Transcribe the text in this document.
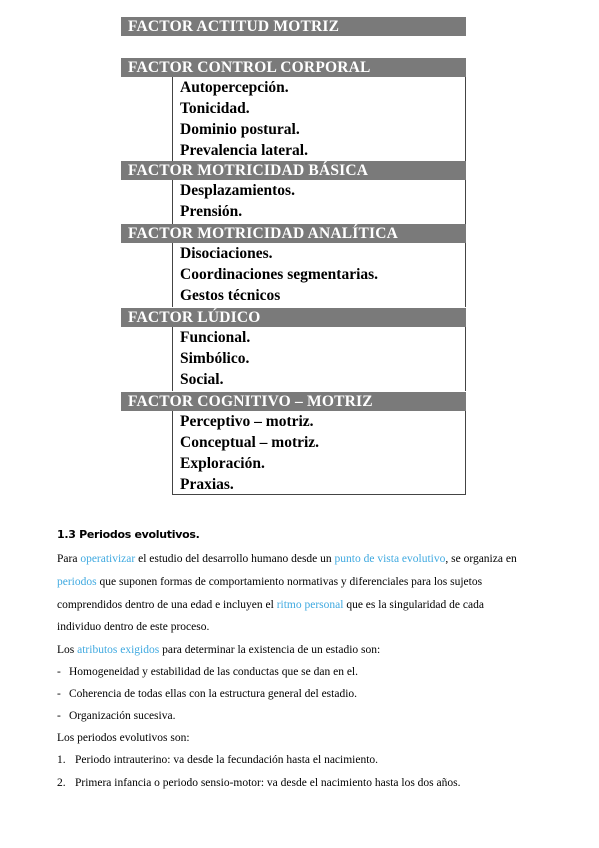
FACTOR ACTITUD MOTRIZ
FACTOR CONTROL CORPORAL
Autopercepción.
Tonicidad.
Dominio postural.
Prevalencia lateral.
FACTOR MOTRICIDAD BÁSICA
Desplazamientos.
Prensión.
FACTOR MOTRICIDAD ANALÍTICA
Disociaciones.
Coordinaciones segmentarias.
Gestos técnicos
FACTOR LÚDICO
Funcional.
Simbólico.
Social.
FACTOR COGNITIVO – MOTRIZ
Perceptivo – motriz.
Conceptual – motriz.
Exploración.
Praxias.
1.3 Periodos evolutivos.
Para operativizar el estudio del desarrollo humano desde un punto de vista evolutivo, se organiza en
periodos que suponen formas de comportamiento normativas y diferenciales para los sujetos
comprendidos dentro de una edad e incluyen el ritmo personal que es la singularidad de cada
individuo dentro de este proceso.
Los atributos exigidos para determinar la existencia de un estadio son:
- Homogeneidad y estabilidad de las conductas que se dan en el.
- Coherencia de todas ellas con la estructura general del estadio.
- Organización sucesiva.
Los periodos evolutivos son:
1. Periodo intrauterino: va desde la fecundación hasta el nacimiento.
2. Primera infancia o periodo sensio-motor: va desde el nacimiento hasta los dos años.
